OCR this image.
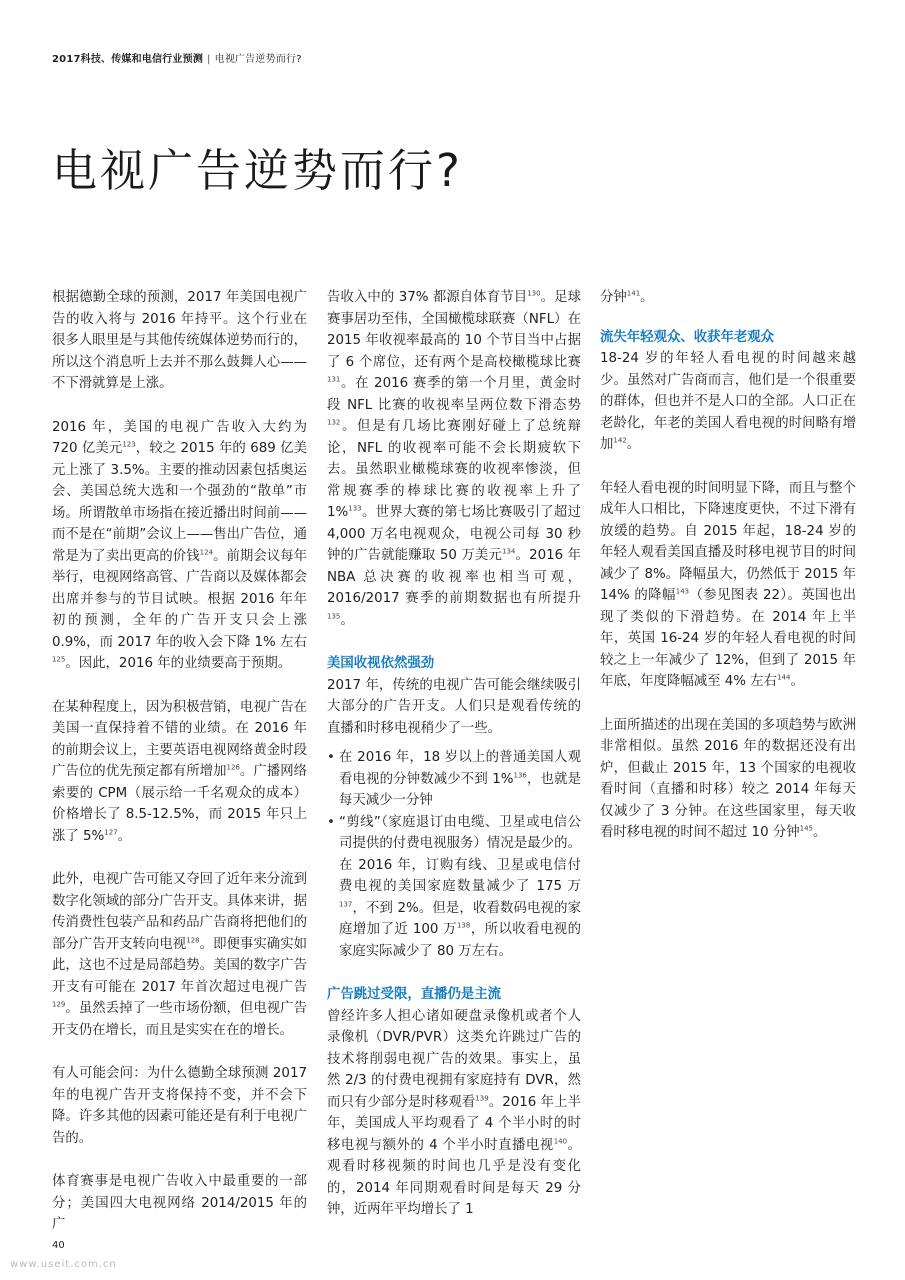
2017科技、传媒和电信行业预测 | 电视广告逆势而行?
电视广告逆势而行?

根据德勤全球的预测，2017 年美国电视广告的收入将与 2016 年持平。这个行业在很多人眼里是与其他传统媒体逆势而行的，所以这个消息听上去并不那么鼓舞人心——不下滑就算是上涨。

2016 年，美国的电视广告收入大约为 720 亿美元$^{123}$，较之 2015 年的 689 亿美元上涨了 3.5%。主要的推动因素包括奥运会、美国总统大选和一个强劲的“散单”市场。所谓散单市场指在接近播出时间前——而不是在“前期”会议上——售出广告位，通常是为了卖出更高的价钱$^{124}$。前期会议每年举行，电视网络高管、广告商以及媒体都会出席并参与的节目试映。根据 2016 年年初的预测，全年的广告开支只会上涨 0.9%，而 2017 年的收入会下降 1% 左右$^{125}$。因此，2016 年的业绩要高于预期。

在某种程度上，因为积极营销，电视广告在美国一直保持着不错的业绩。在 2016 年的前期会议上，主要英语电视网络黄金时段广告位的优先预定都有所增加$^{126}$。广播网络索要的 CPM（展示给一千名观众的成本）价格增长了 8.5-12.5%，而 2015 年只上涨了 5%$^{127}$。

此外，电视广告可能又夺回了近年来分流到数字化领域的部分广告开支。具体来讲，据传消费性包装产品和药品广告商将把他们的部分广告开支转向电视$^{128}$。即便事实确实如此，这也不过是局部趋势。美国的数字广告开支有可能在 2017 年首次超过电视广告$^{129}$。虽然丢掉了一些市场份额，但电视广告开支仍在增长，而且是实实在在的增长。

有人可能会问：为什么德勤全球预测 2017 年的电视广告开支将保持不变，并不会下降。许多其他的因素可能还是有利于电视广告的。

体育赛事是电视广告收入中最重要的一部分；美国四大电视网络 2014/2015 年的广

告收入中的 37% 都源自体育节目$^{130}$。足球赛事居功至伟，全国橄榄球联赛（NFL）在 2015 年收视率最高的 10 个节目当中占据了 6 个席位，还有两个是高校橄榄球比赛$^{131}$。在 2016 赛季的第一个月里，黄金时段 NFL 比赛的收视率呈两位数下滑态势$^{132}$。但是有几场比赛刚好碰上了总统辩论，NFL 的收视率可能不会长期疲软下去。虽然职业橄榄球赛的收视率惨淡，但常规赛季的棒球比赛的收视率上升了 1%$^{133}$。世界大赛的第七场比赛吸引了超过 4,000 万名电视观众，电视公司每 30 秒钟的广告就能赚取 50 万美元$^{134}$。2016 年 NBA 总决赛的收视率也相当可观，2016/2017 赛季的前期数据也有所提升$^{135}$。

美国收视依然强劲

2017 年，传统的电视广告可能会继续吸引大部分的广告开支。人们只是观看传统的直播和时移电视稍少了一些。

• 在 2016 年，18 岁以上的普通美国人观看电视的分钟数减少不到 1%$^{136}$，也就是每天减少一分钟
• “剪线”（家庭退订由电缆、卫星或电信公司提供的付费电视服务）情况是最少的。在 2016 年，订购有线、卫星或电信付费电视的美国家庭数量减少了 175 万$^{137}$，不到 2%。但是，收看数码电视的家庭增加了近 100 万$^{138}$，所以收看电视的家庭实际减少了 80 万左右。
广告跳过受限，直播仍是主流

曾经许多人担心诸如硬盘录像机或者个人录像机（DVR/PVR）这类允许跳过广告的技术将削弱电视广告的效果。事实上，虽然 2/3 的付费电视拥有家庭持有 DVR，然而只有少部分是时移观看$^{139}$。2016 年上半年，美国成人平均观看了 4 个半小时的时移电视与额外的 4 个半小时直播电视$^{140}$。观看时移视频的时间也几乎是没有变化的，2014 年同期观看时间是每天 29 分钟，近两年平均增长了 1

分钟$^{141}$。

流失年轻观众、收获年老观众

18-24 岁的年轻人看电视的时间越来越少。虽然对广告商而言，他们是一个很重要的群体，但也并不是人口的全部。人口正在老龄化，年老的美国人看电视的时间略有增加$^{142}$。

年轻人看电视的时间明显下降，而且与整个成年人口相比，下降速度更快，不过下滑有放缓的趋势。自 2015 年起，18-24 岁的年轻人观看美国直播及时移电视节目的时间减少了 8%。降幅虽大，仍然低于 2015 年 14% 的降幅$^{143}$（参见图表 22）。英国也出现了类似的下滑趋势。在 2014 年上半年，英国 16-24 岁的年轻人看电视的时间较之上一年减少了 12%，但到了 2015 年年底，年度降幅减至 4% 左右$^{144}$。

上面所描述的出现在美国的多项趋势与欧洲非常相似。虽然 2016 年的数据还没有出炉，但截止 2015 年，13 个国家的电视收看时间（直播和时移）较之 2014 年每天仅减少了 3 分钟。在这些国家里，每天收看时移电视的时间不超过 10 分钟$^{145}$。

40
www.useit.com.cn
